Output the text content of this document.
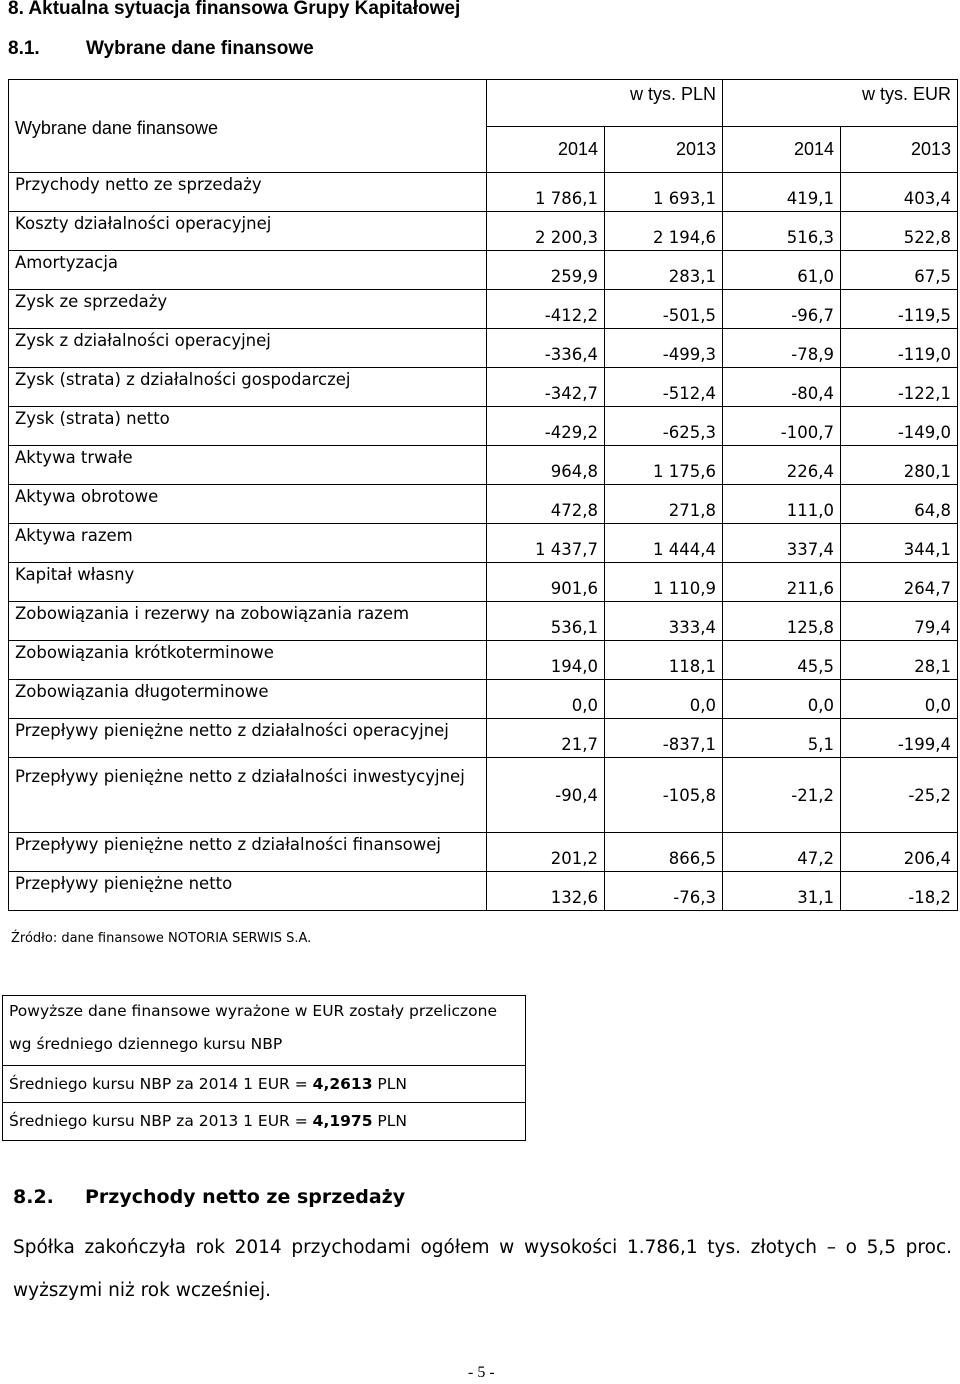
8. Aktualna sytuacja finansowa Grupy Kapitałowej
8.1. Wybrane dane finansowe
Wybrane dane finansowe	w tys. PLN		w tys. EUR	
	2014	2013	2014	2013
Przychody netto ze sprzedaży	1 786,1	1 693,1	419,1	403,4
Koszty działalności operacyjnej	2 200,3	2 194,6	516,3	522,8
Amortyzacja	259,9	283,1	61,0	67,5
Zysk ze sprzedaży	-412,2	-501,5	-96,7	-119,5
Zysk z działalności operacyjnej	-336,4	-499,3	-78,9	-119,0
Zysk (strata) z działalności gospodarczej	-342,7	-512,4	-80,4	-122,1
Zysk (strata) netto	-429,2	-625,3	-100,7	-149,0
Aktywa trwałe	964,8	1 175,6	226,4	280,1
Aktywa obrotowe	472,8	271,8	111,0	64,8
Aktywa razem	1 437,7	1 444,4	337,4	344,1
Kapitał własny	901,6	1 110,9	211,6	264,7
Zobowiązania i rezerwy na zobowiązania razem	536,1	333,4	125,8	79,4
Zobowiązania krótkoterminowe	194,0	118,1	45,5	28,1
Zobowiązania długoterminowe	0,0	0,0	0,0	0,0
Przepływy pieniężne netto z działalności operacyjnej	21,7	-837,1	5,1	-199,4
Przepływy pieniężne netto z działalności inwestycyjnej	-90,4	-105,8	-21,2	-25,2
Przepływy pieniężne netto z działalności finansowej	201,2	866,5	47,2	206,4
Przepływy pieniężne netto	132,6	-76,3	31,1	-18,2
Źródło: dane finansowe NOTORIA SERWIS S.A.
Powyższe dane finansowe wyrażone w EUR zostały przeliczone
wg średniego dziennego kursu NBP
Średniego kursu NBP za 2014 1 EUR = 4,2613 PLN
Średniego kursu NBP za 2013 1 EUR = 4,1975 PLN
8.2. Przychody netto ze sprzedaży
Spółka zakończyła rok 2014 przychodami ogółem w wysokości 1.786,1 tys. złotych – o 5,5 proc. wyższymi niż rok wcześniej.
- 5 -
